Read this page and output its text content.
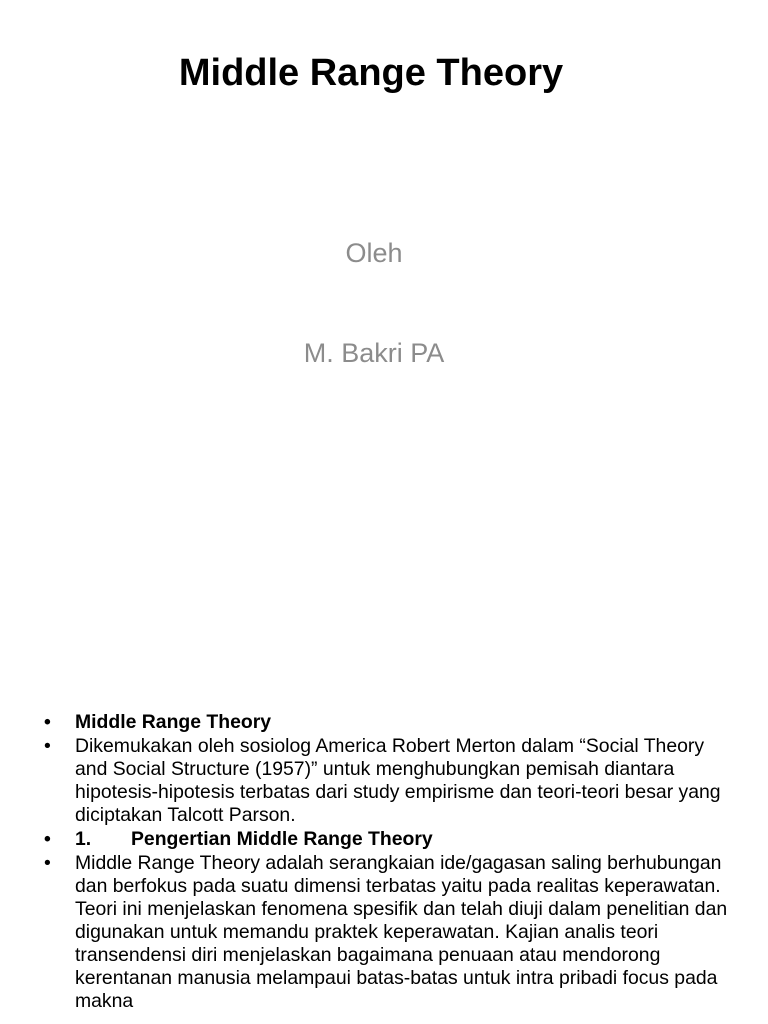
Middle Range Theory
Oleh
M. Bakri PA
• Middle Range Theory
• Dikemukakan oleh sosiolog America Robert Merton dalam “Social Theory and Social Structure (1957)” untuk menghubungkan pemisah diantara hipotesis-hipotesis terbatas dari study empirisme dan teori-teori besar yang diciptakan Talcott Parson.
• 1. Pengertian Middle Range Theory
• Middle Range Theory adalah serangkaian ide/gagasan saling berhubungan dan berfokus pada suatu dimensi terbatas yaitu pada realitas keperawatan. Teori ini menjelaskan fenomena spesifik dan telah diuji dalam penelitian dan digunakan untuk memandu praktek keperawatan. Kajian analis teori transendensi diri menjelaskan bagaimana penuaan atau mendorong kerentanan manusia melampaui batas-batas untuk intra pribadi focus pada makna
